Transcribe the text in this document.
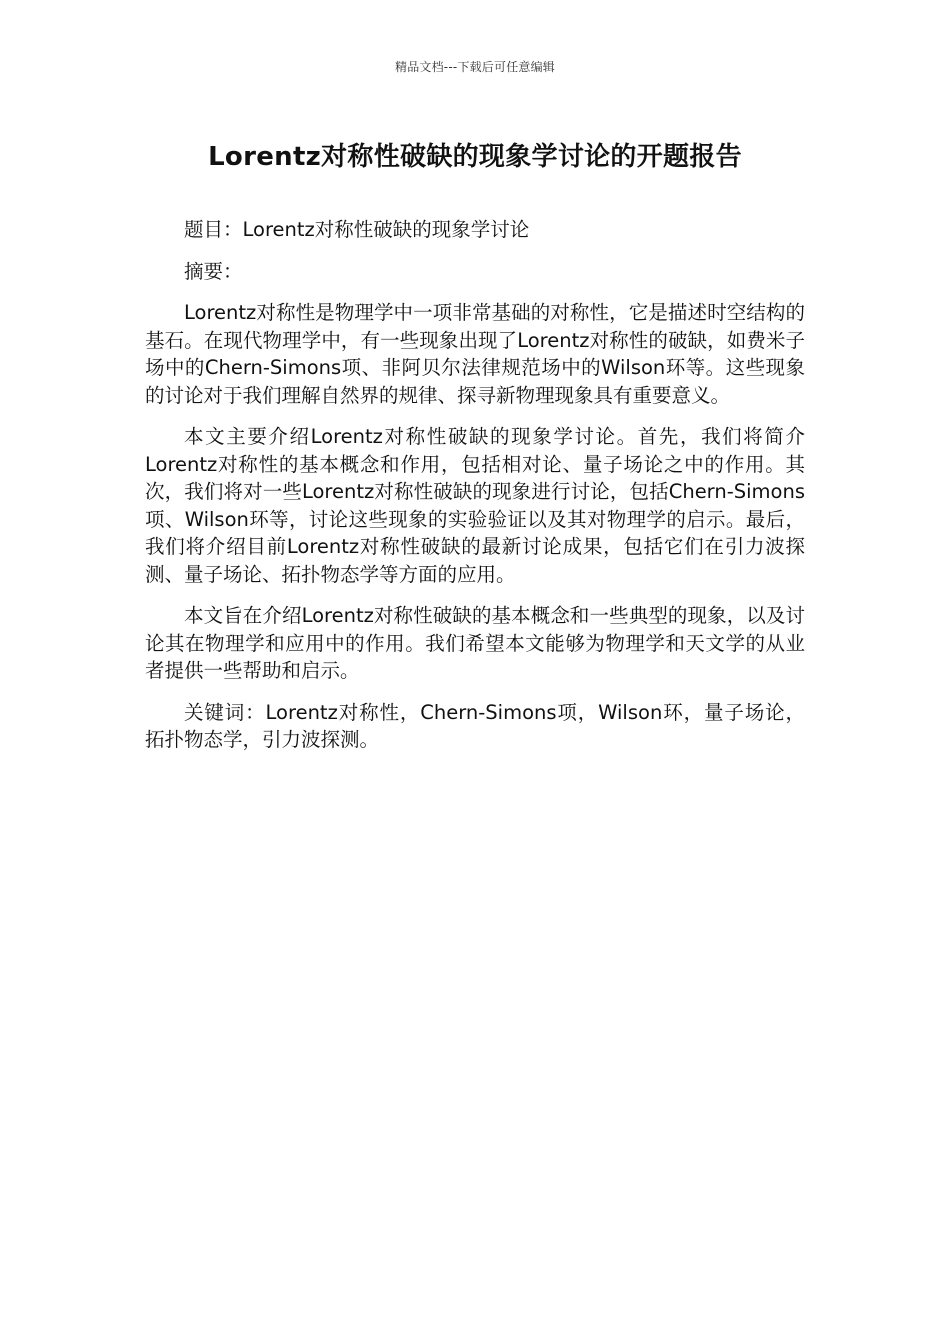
精品文档---下载后可任意编辑
Lorentz对称性破缺的现象学讨论的开题报告

题目：Lorentz对称性破缺的现象学讨论

摘要：

Lorentz对称性是物理学中一项非常基础的对称性，它是描述时空结构的基石。在现代物理学中，有一些现象出现了Lorentz对称性的破缺，如费米子场中的Chern-Simons项、非阿贝尔法律规范场中的Wilson环等。这些现象的讨论对于我们理解自然界的规律、探寻新物理现象具有重要意义。

本文主要介绍Lorentz对称性破缺的现象学讨论。首先，我们将简介Lorentz对称性的基本概念和作用，包括相对论、量子场论之中的作用。其次，我们将对一些Lorentz对称性破缺的现象进行讨论，包括Chern-Simons项、Wilson环等，讨论这些现象的实验验证以及其对物理学的启示。最后，我们将介绍目前Lorentz对称性破缺的最新讨论成果，包括它们在引力波探测、量子场论、拓扑物态学等方面的应用。

本文旨在介绍Lorentz对称性破缺的基本概念和一些典型的现象，以及讨论其在物理学和应用中的作用。我们希望本文能够为物理学和天文学的从业者提供一些帮助和启示。

关键词：Lorentz对称性，Chern-Simons项，Wilson环，量子场论，拓扑物态学，引力波探测。
